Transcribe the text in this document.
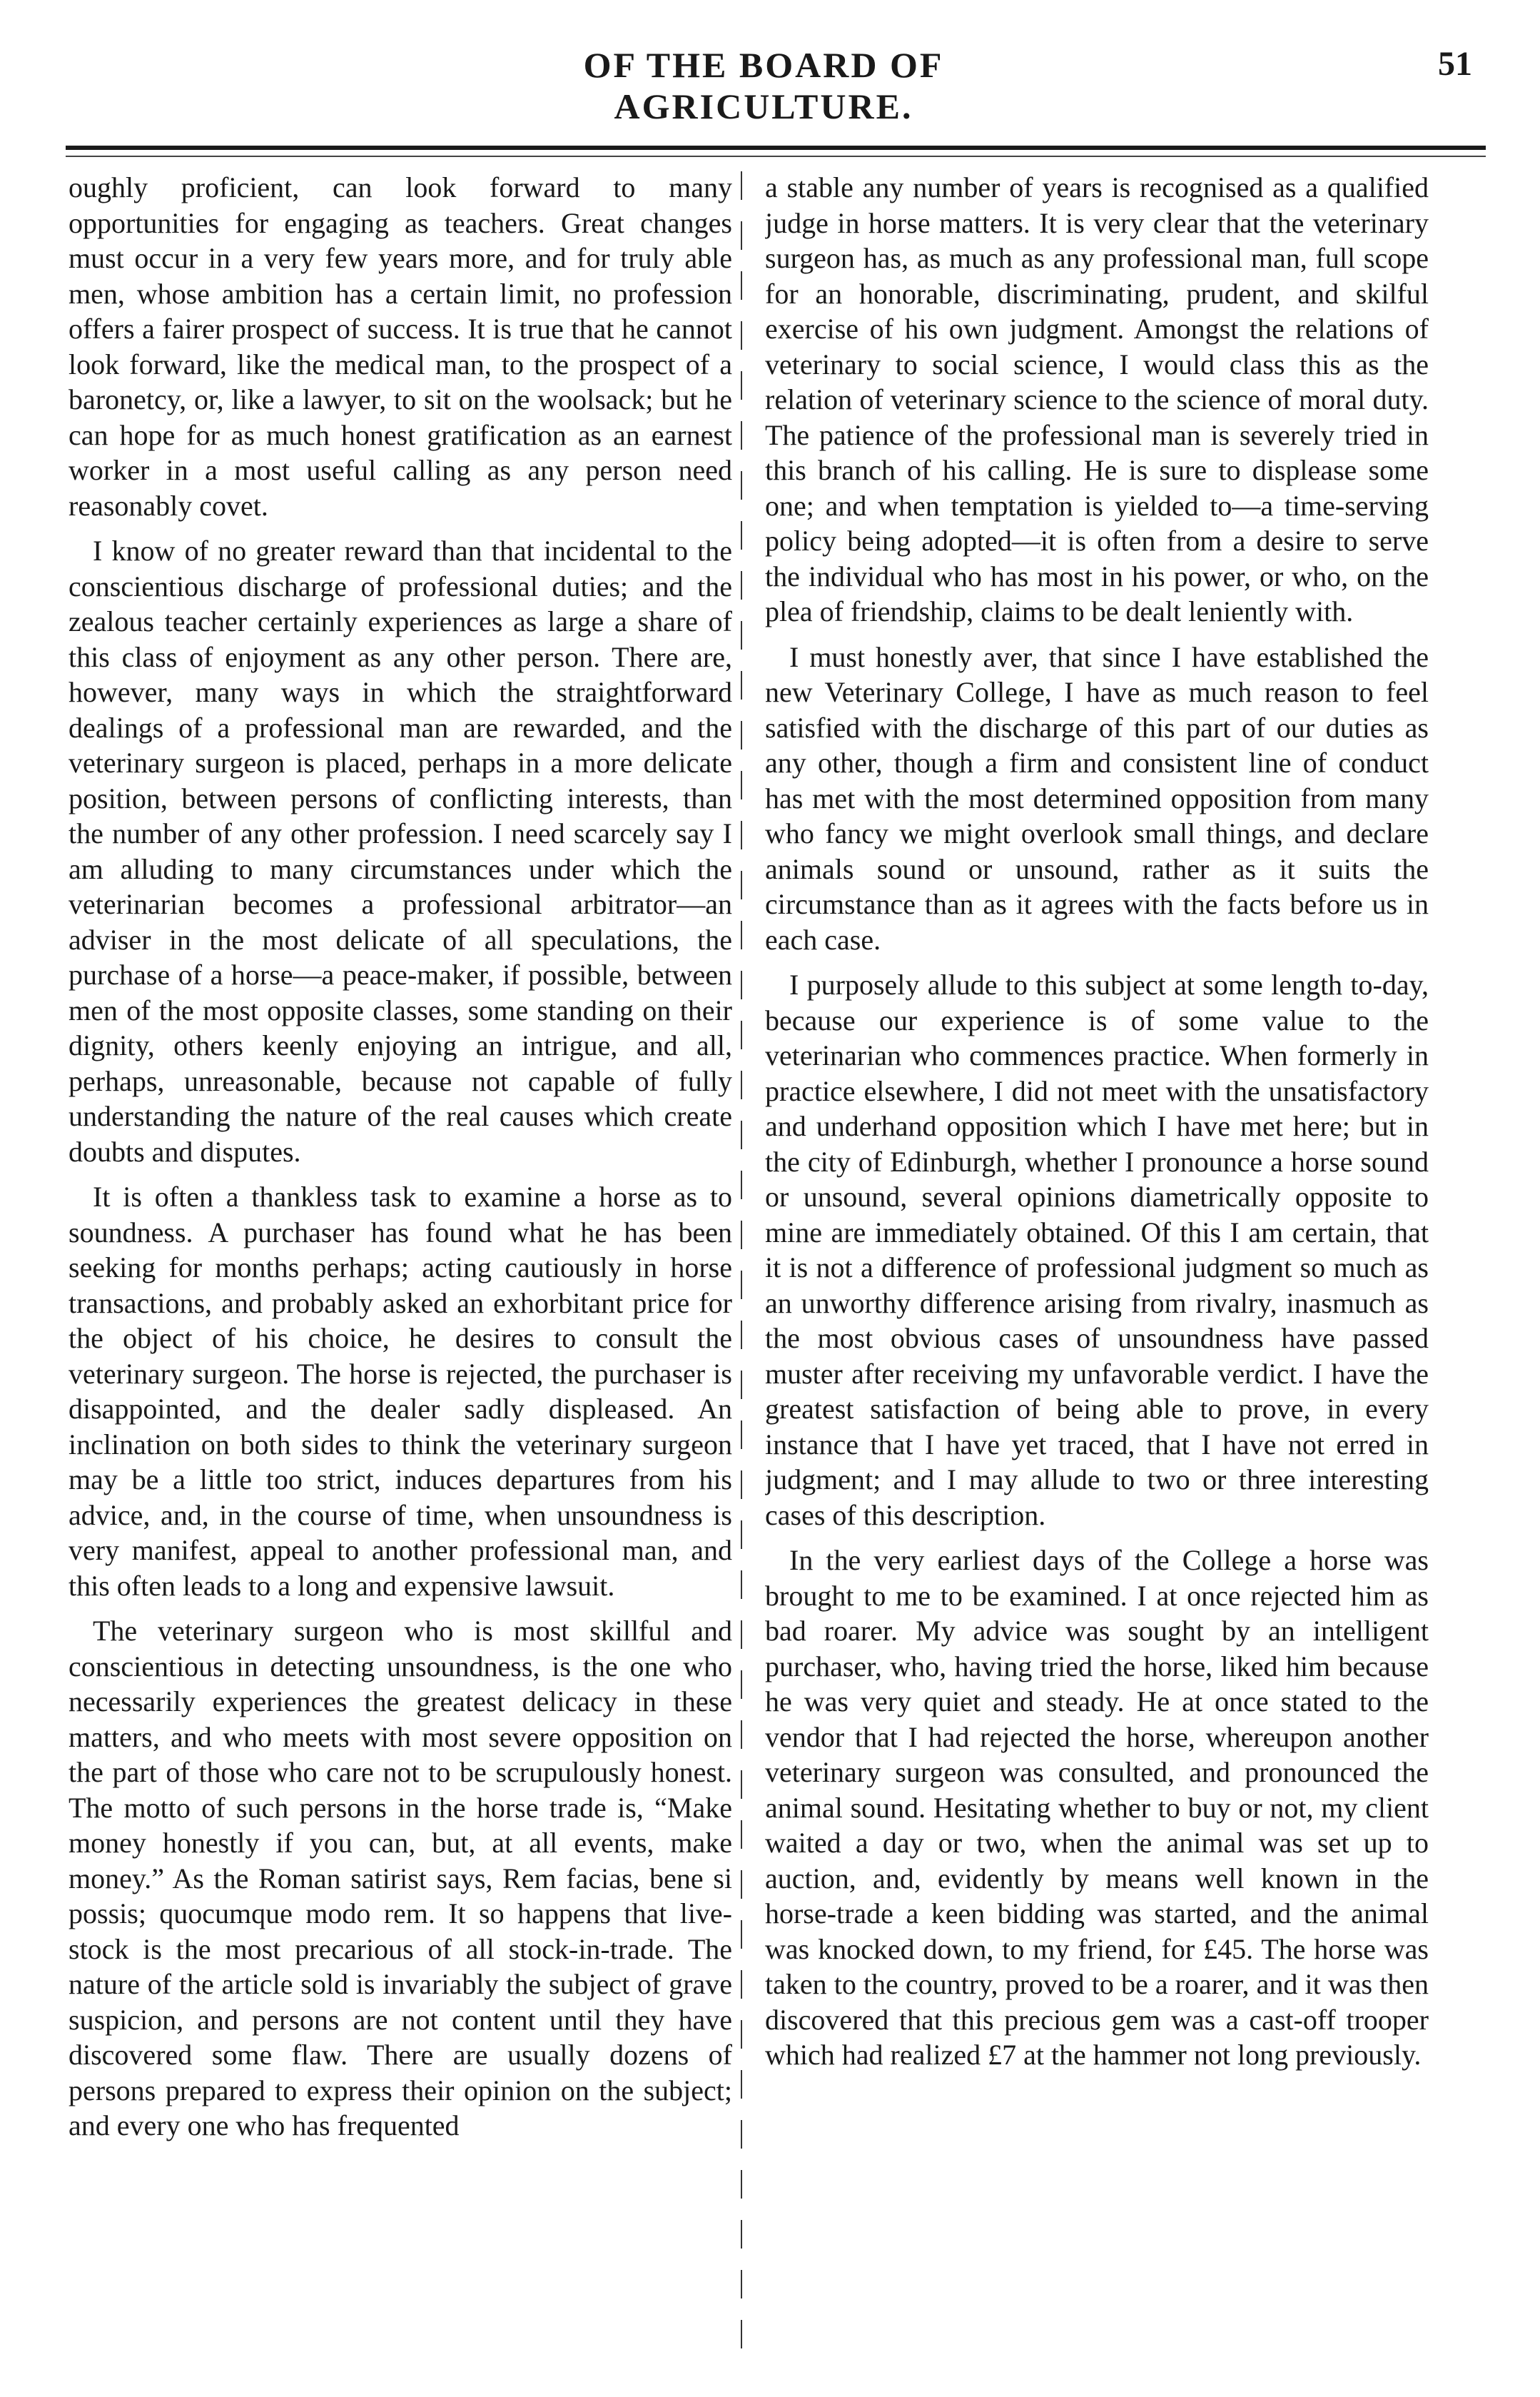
OF THE BOARD OF AGRICULTURE.
51

oughly proficient, can look forward to many opportunities for engaging as teachers. Great changes must occur in a very few years more, and for truly able men, whose ambition has a certain limit, no profession offers a fairer prospect of success. It is true that he cannot look forward, like the medical man, to the prospect of a baronetcy, or, like a lawyer, to sit on the woolsack; but he can hope for as much honest gratification as an earnest worker in a most useful calling as any person need reasonably covet.

I know of no greater reward than that incidental to the conscientious discharge of professional duties; and the zealous teacher certainly experiences as large a share of this class of enjoyment as any other person. There are, however, many ways in which the straightforward dealings of a professional man are rewarded, and the veterinary surgeon is placed, perhaps in a more delicate position, between persons of conflicting interests, than the number of any other profession. I need scarcely say I am alluding to many circumstances under which the veterinarian becomes a professional arbitrator—an adviser in the most delicate of all speculations, the purchase of a horse—a peace-maker, if possible, between men of the most opposite classes, some standing on their dignity, others keenly enjoying an intrigue, and all, perhaps, unreasonable, because not capable of fully understanding the nature of the real causes which create doubts and disputes.

It is often a thankless task to examine a horse as to soundness. A purchaser has found what he has been seeking for months perhaps; acting cautiously in horse transactions, and probably asked an exhorbitant price for the object of his choice, he desires to consult the veterinary surgeon. The horse is rejected, the purchaser is disappointed, and the dealer sadly displeased. An inclination on both sides to think the veterinary surgeon may be a little too strict, induces departures from his advice, and, in the course of time, when unsoundness is very manifest, appeal to another professional man, and this often leads to a long and expensive lawsuit.

The veterinary surgeon who is most skillful and conscientious in detecting unsoundness, is the one who necessarily experiences the greatest delicacy in these matters, and who meets with most severe opposition on the part of those who care not to be scrupulously honest. The motto of such persons in the horse trade is, “Make money honestly if you can, but, at all events, make money.” As the Roman satirist says, Rem facias, bene si possis; quocumque modo rem. It so happens that live-stock is the most precarious of all stock-in-trade. The nature of the article sold is invariably the subject of grave suspicion, and persons are not content until they have discovered some flaw. There are usually dozens of persons prepared to express their opinion on the subject; and every one who has frequented

a stable any number of years is recognised as a qualified judge in horse matters. It is very clear that the veterinary surgeon has, as much as any professional man, full scope for an honorable, discriminating, prudent, and skilful exercise of his own judgment. Amongst the relations of veterinary to social science, I would class this as the relation of veterinary science to the science of moral duty. The patience of the professional man is severely tried in this branch of his calling. He is sure to displease some one; and when temptation is yielded to—a time-serving policy being adopted—it is often from a desire to serve the individual who has most in his power, or who, on the plea of friendship, claims to be dealt leniently with.

I must honestly aver, that since I have established the new Veterinary College, I have as much reason to feel satisfied with the discharge of this part of our duties as any other, though a firm and consistent line of conduct has met with the most determined opposition from many who fancy we might overlook small things, and declare animals sound or unsound, rather as it suits the circumstance than as it agrees with the facts before us in each case.

I purposely allude to this subject at some length to-day, because our experience is of some value to the veterinarian who commences practice. When formerly in practice elsewhere, I did not meet with the unsatisfactory and underhand opposition which I have met here; but in the city of Edinburgh, whether I pronounce a horse sound or unsound, several opinions diametrically opposite to mine are immediately obtained. Of this I am certain, that it is not a difference of professional judgment so much as an unworthy difference arising from rivalry, inasmuch as the most obvious cases of unsoundness have passed muster after receiving my unfavorable verdict. I have the greatest satisfaction of being able to prove, in every instance that I have yet traced, that I have not erred in judgment; and I may allude to two or three interesting cases of this description.

In the very earliest days of the College a horse was brought to me to be examined. I at once rejected him as bad roarer. My advice was sought by an intelligent purchaser, who, having tried the horse, liked him because he was very quiet and steady. He at once stated to the vendor that I had rejected the horse, whereupon another veterinary surgeon was consulted, and pronounced the animal sound. Hesitating whether to buy or not, my client waited a day or two, when the animal was set up to auction, and, evidently by means well known in the horse-trade a keen bidding was started, and the animal was knocked down, to my friend, for £45. The horse was taken to the country, proved to be a roarer, and it was then discovered that this precious gem was a cast-off trooper which had realized £7 at the hammer not long previously.
